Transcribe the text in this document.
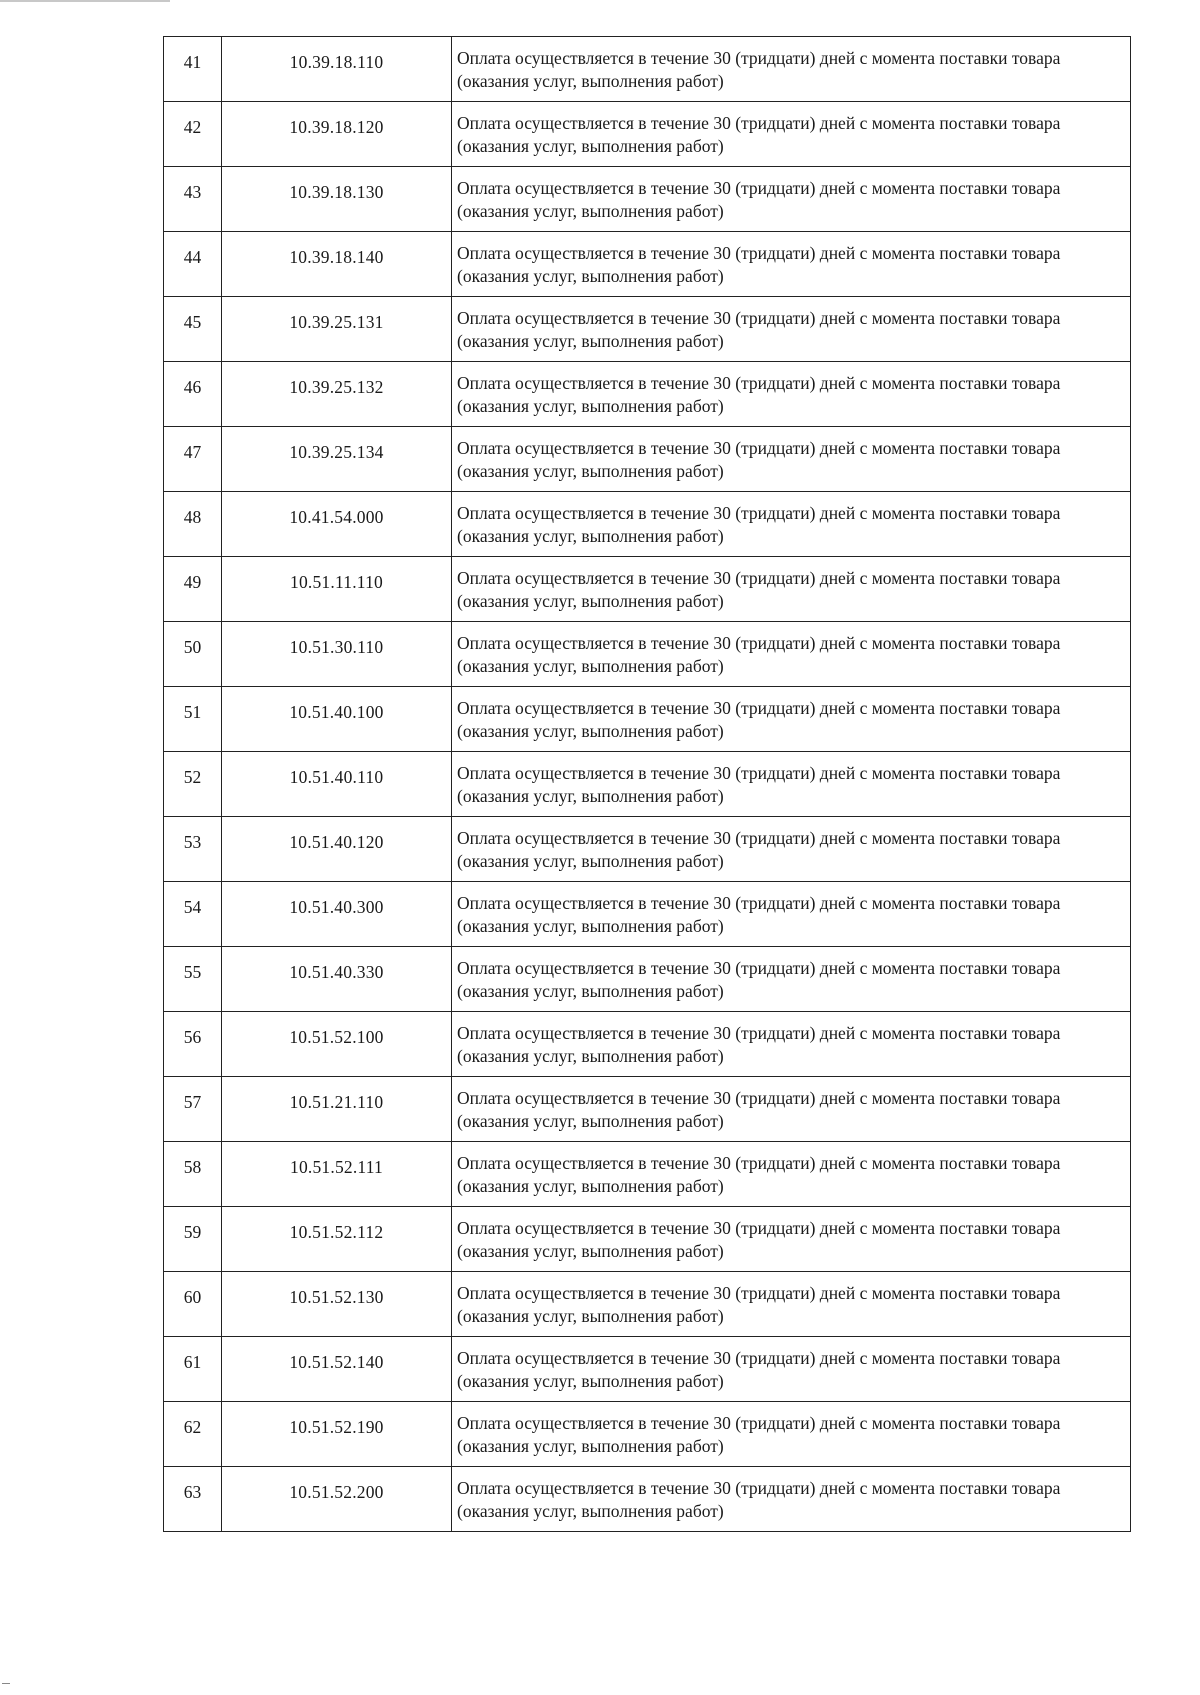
41	10.39.18.110	Оплата осуществляется в течение 30 (тридцати) дней с момента поставки товара (оказания услуг, выполнения работ)
42	10.39.18.120	Оплата осуществляется в течение 30 (тридцати) дней с момента поставки товара (оказания услуг, выполнения работ)
43	10.39.18.130	Оплата осуществляется в течение 30 (тридцати) дней с момента поставки товара (оказания услуг, выполнения работ)
44	10.39.18.140	Оплата осуществляется в течение 30 (тридцати) дней с момента поставки товара (оказания услуг, выполнения работ)
45	10.39.25.131	Оплата осуществляется в течение 30 (тридцати) дней с момента поставки товара (оказания услуг, выполнения работ)
46	10.39.25.132	Оплата осуществляется в течение 30 (тридцати) дней с момента поставки товара (оказания услуг, выполнения работ)
47	10.39.25.134	Оплата осуществляется в течение 30 (тридцати) дней с момента поставки товара (оказания услуг, выполнения работ)
48	10.41.54.000	Оплата осуществляется в течение 30 (тридцати) дней с момента поставки товара (оказания услуг, выполнения работ)
49	10.51.11.110	Оплата осуществляется в течение 30 (тридцати) дней с момента поставки товара (оказания услуг, выполнения работ)
50	10.51.30.110	Оплата осуществляется в течение 30 (тридцати) дней с момента поставки товара (оказания услуг, выполнения работ)
51	10.51.40.100	Оплата осуществляется в течение 30 (тридцати) дней с момента поставки товара (оказания услуг, выполнения работ)
52	10.51.40.110	Оплата осуществляется в течение 30 (тридцати) дней с момента поставки товара (оказания услуг, выполнения работ)
53	10.51.40.120	Оплата осуществляется в течение 30 (тридцати) дней с момента поставки товара (оказания услуг, выполнения работ)
54	10.51.40.300	Оплата осуществляется в течение 30 (тридцати) дней с момента поставки товара (оказания услуг, выполнения работ)
55	10.51.40.330	Оплата осуществляется в течение 30 (тридцати) дней с момента поставки товара (оказания услуг, выполнения работ)
56	10.51.52.100	Оплата осуществляется в течение 30 (тридцати) дней с момента поставки товара (оказания услуг, выполнения работ)
57	10.51.21.110	Оплата осуществляется в течение 30 (тридцати) дней с момента поставки товара (оказания услуг, выполнения работ)
58	10.51.52.111	Оплата осуществляется в течение 30 (тридцати) дней с момента поставки товара (оказания услуг, выполнения работ)
59	10.51.52.112	Оплата осуществляется в течение 30 (тридцати) дней с момента поставки товара (оказания услуг, выполнения работ)
60	10.51.52.130	Оплата осуществляется в течение 30 (тридцати) дней с момента поставки товара (оказания услуг, выполнения работ)
61	10.51.52.140	Оплата осуществляется в течение 30 (тридцати) дней с момента поставки товара (оказания услуг, выполнения работ)
62	10.51.52.190	Оплата осуществляется в течение 30 (тридцати) дней с момента поставки товара (оказания услуг, выполнения работ)
63	10.51.52.200	Оплата осуществляется в течение 30 (тридцати) дней с момента поставки товара (оказания услуг, выполнения работ)
